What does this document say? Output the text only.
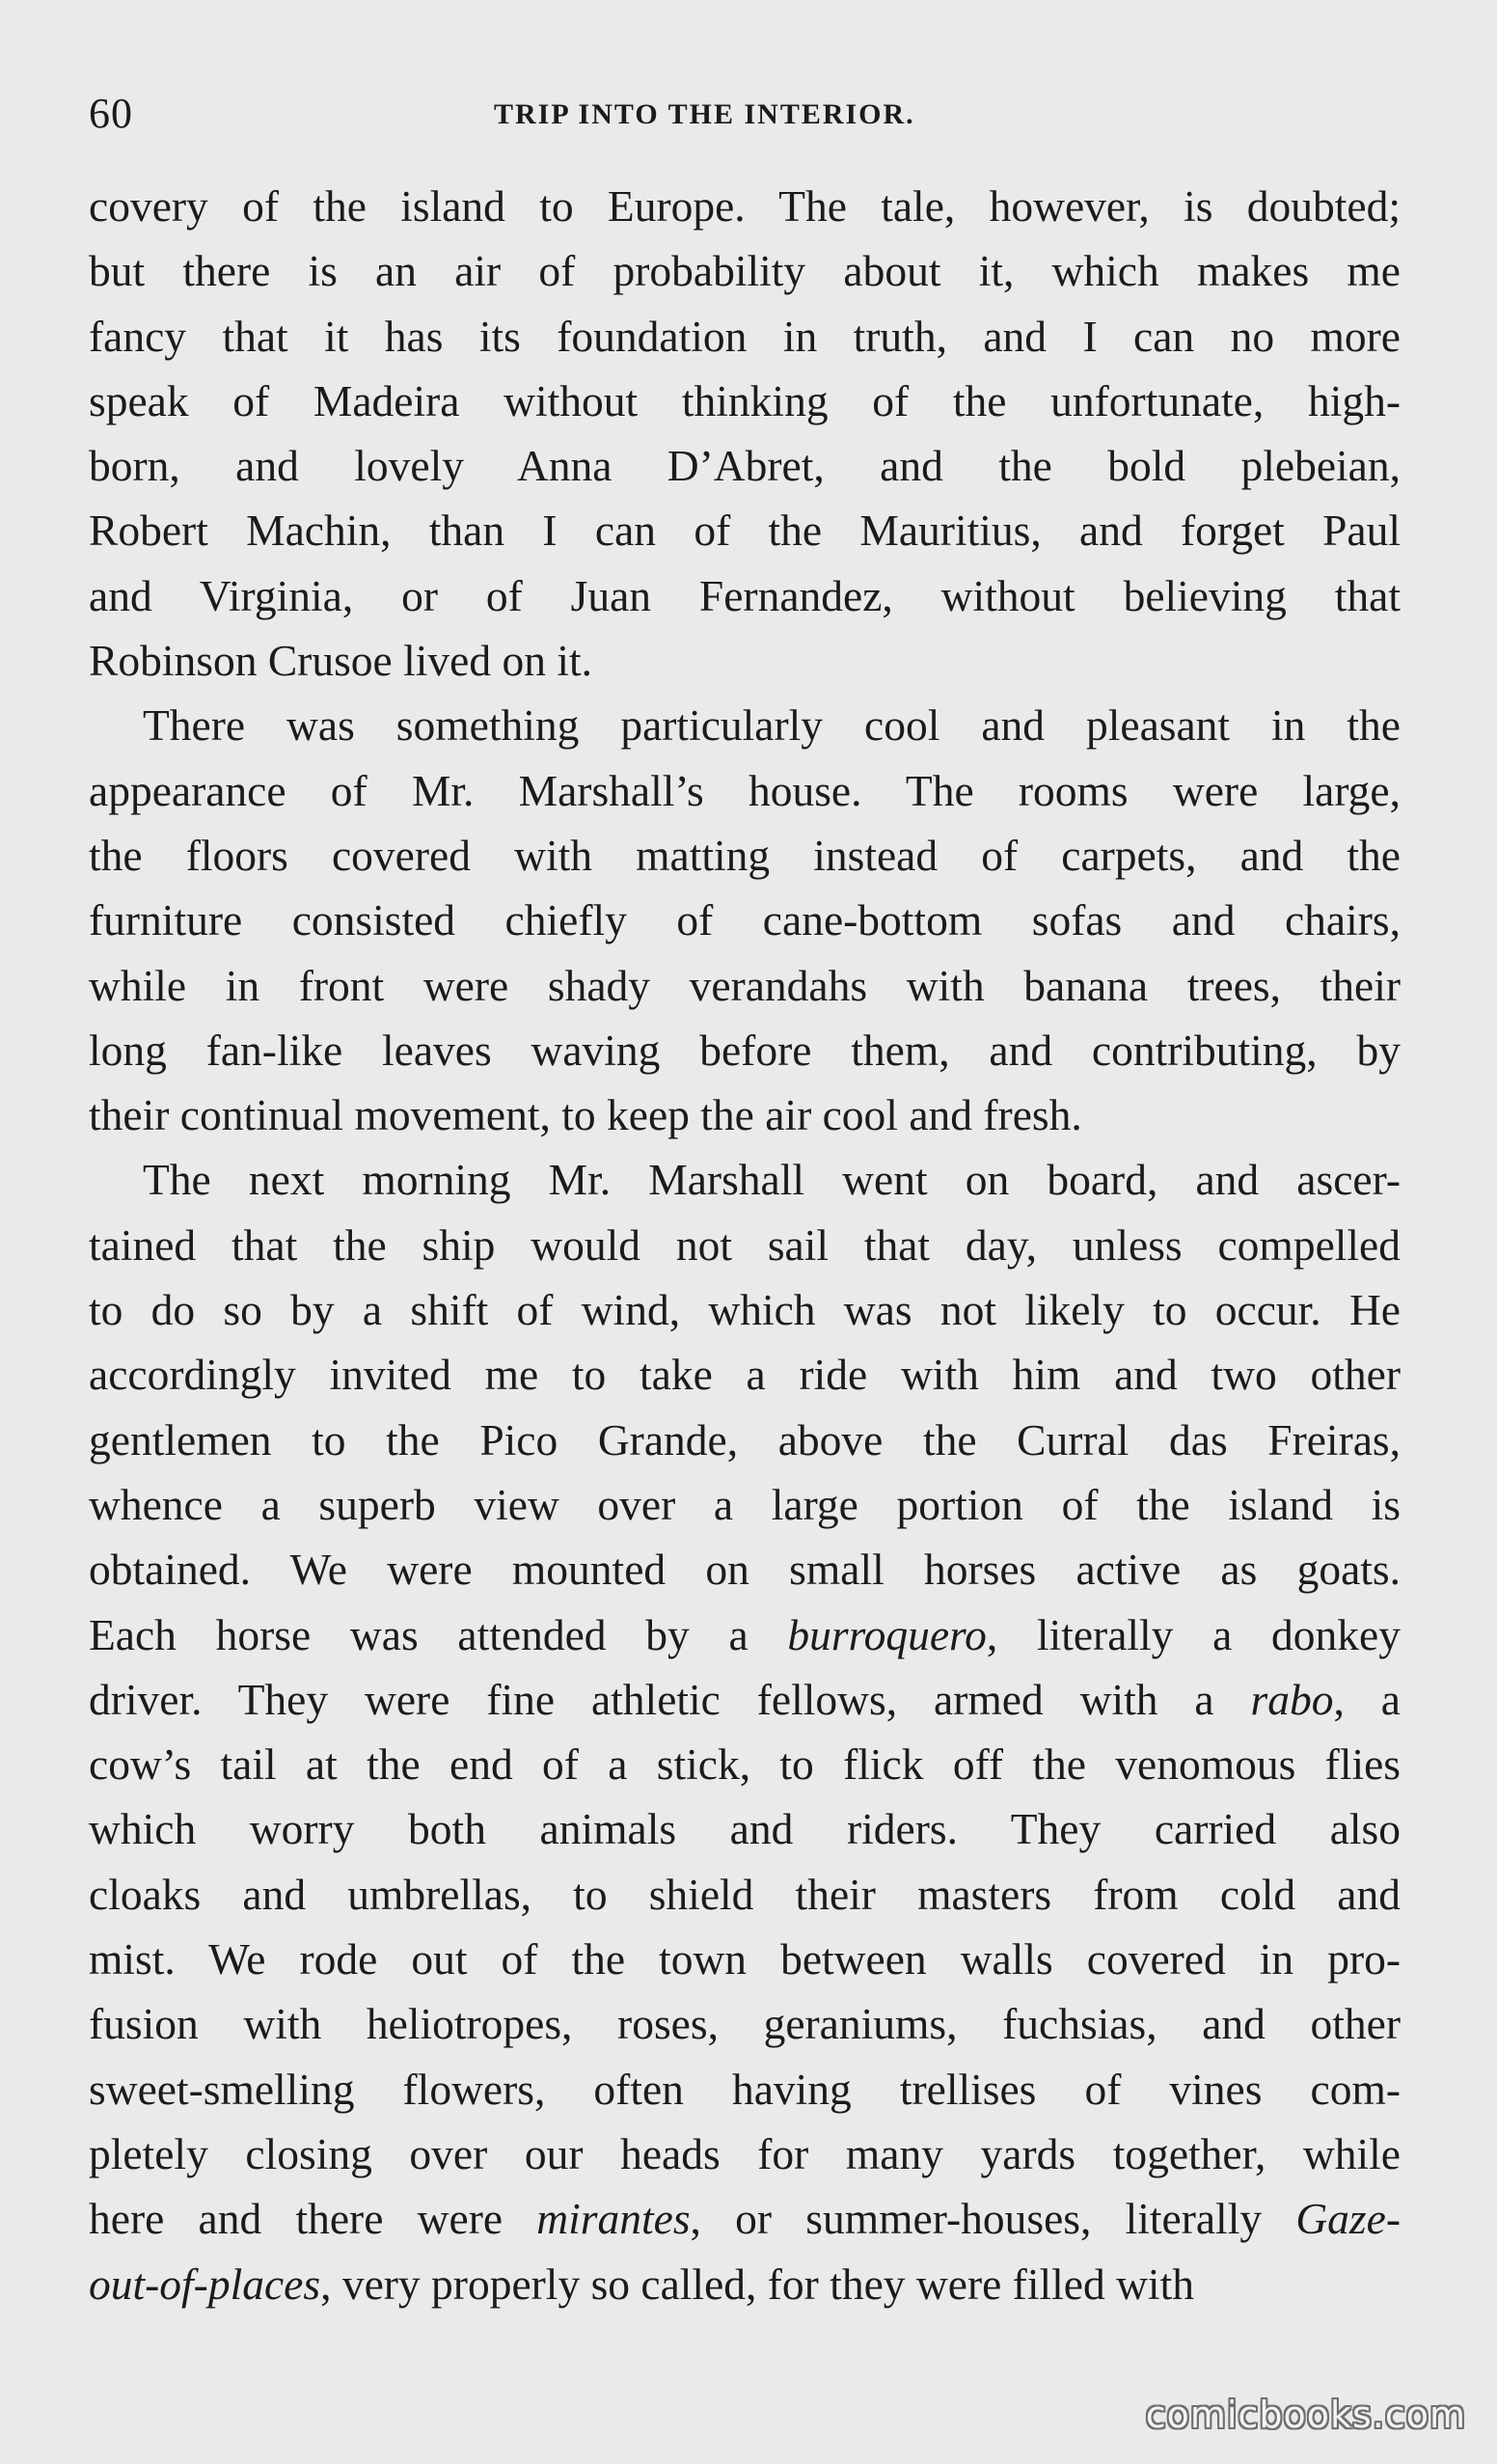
60	TRIP INTO THE INTERIOR.
covery of the island to Europe. The tale, however, is doubted;
but there is an air of probability about it, which makes me
fancy that it has its foundation in truth, and I can no more
speak of Madeira without thinking of the unfortunate, high-
born, and lovely Anna D’Abret, and the bold plebeian,
Robert Machin, than I can of the Mauritius, and forget Paul
and Virginia, or of Juan Fernandez, without believing that
Robinson Crusoe lived on it.
There was something particularly cool and pleasant in the
appearance of Mr. Marshall’s house. The rooms were large,
the floors covered with matting instead of carpets, and the
furniture consisted chiefly of cane-bottom sofas and chairs,
while in front were shady verandahs with banana trees, their
long fan-like leaves waving before them, and contributing, by
their continual movement, to keep the air cool and fresh.
The next morning Mr. Marshall went on board, and ascer-
tained that the ship would not sail that day, unless compelled
to do so by a shift of wind, which was not likely to occur. He
accordingly invited me to take a ride with him and two other
gentlemen to the Pico Grande, above the Curral das Freiras,
whence a superb view over a large portion of the island is
obtained. We were mounted on small horses active as goats.
Each horse was attended by a burroquero, literally a donkey
driver. They were fine athletic fellows, armed with a rabo, a
cow’s tail at the end of a stick, to flick off the venomous flies
which worry both animals and riders. They carried also
cloaks and umbrellas, to shield their masters from cold and
mist. We rode out of the town between walls covered in pro-
fusion with heliotropes, roses, geraniums, fuchsias, and other
sweet-smelling flowers, often having trellises of vines com-
pletely closing over our heads for many yards together, while
here and there were mirantes, or summer-houses, literally Gaze-
out-of-places, very properly so called, for they were filled with
comicbooks.com
